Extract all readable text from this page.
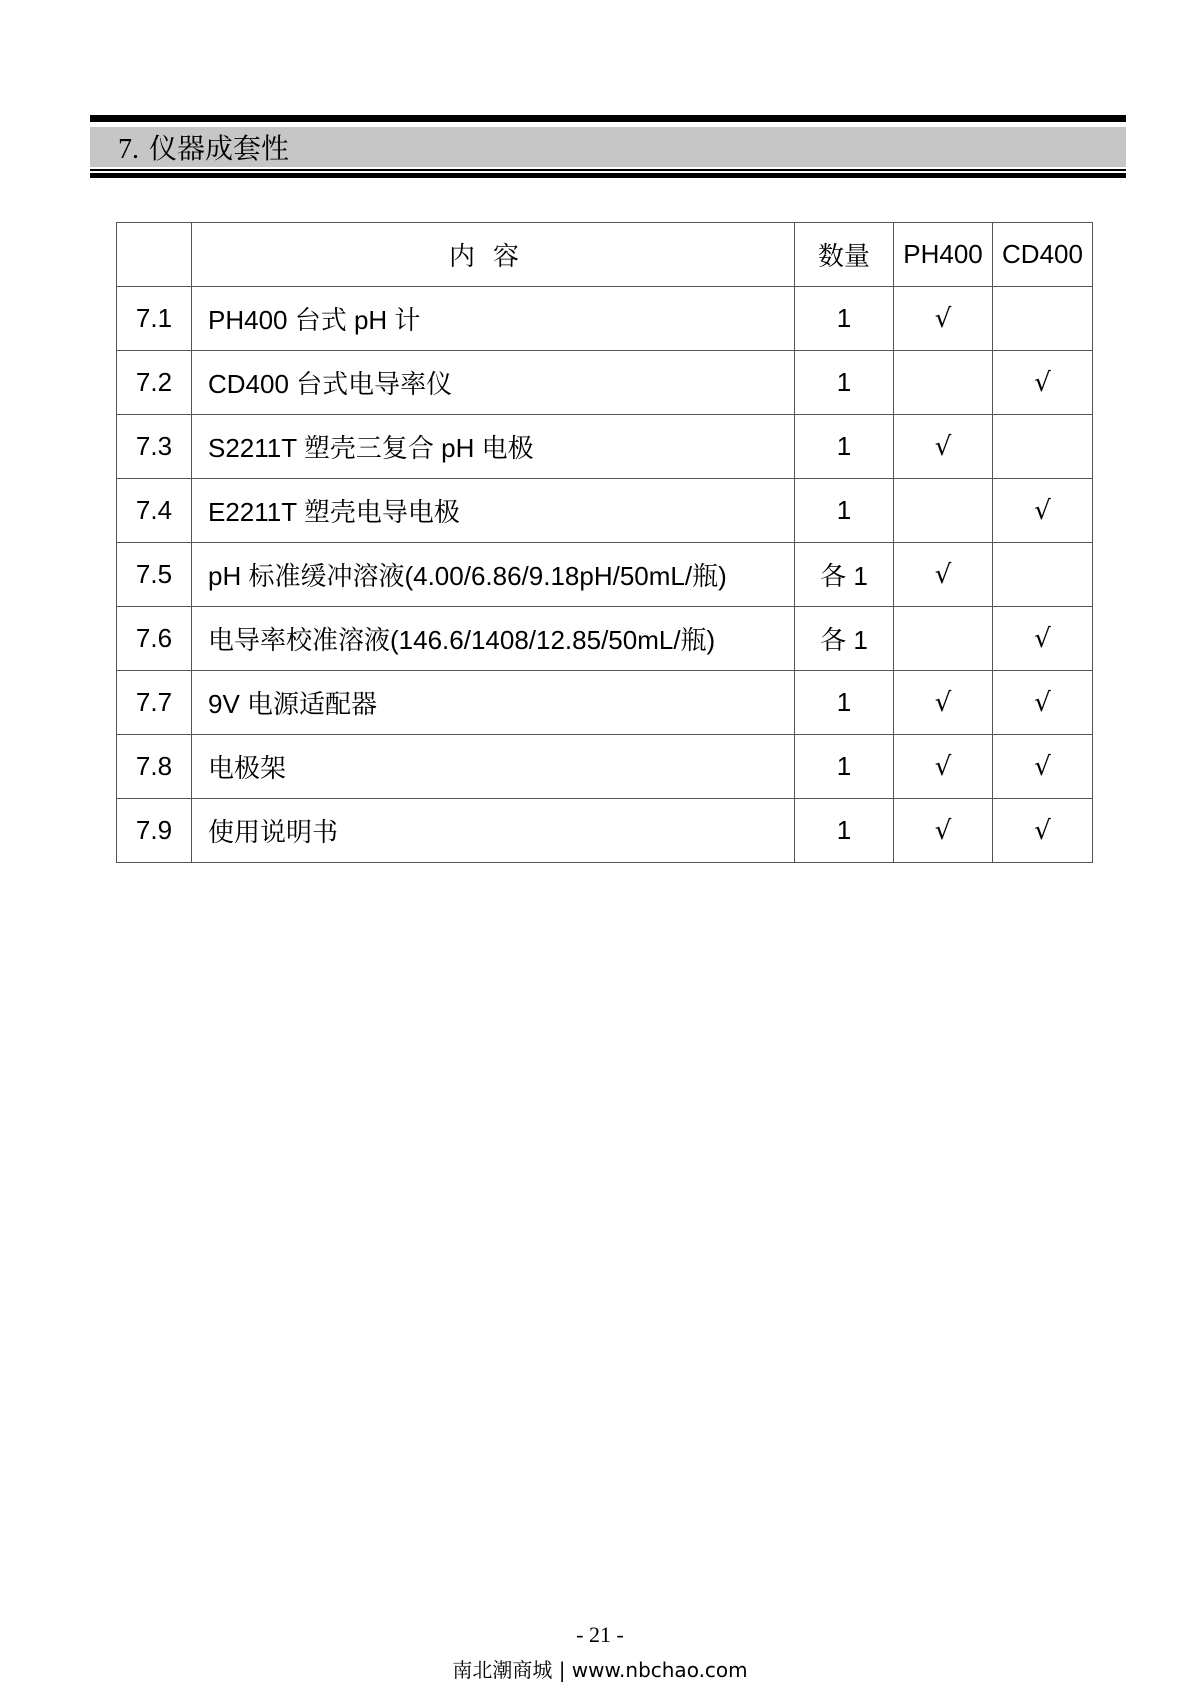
7. 仪器成套性
	内容	数量	PH400	CD400
7.1	PH400 台式 pH 计	1	√	
7.2	CD400 台式电导率仪	1		√
7.3	S2211T 塑壳三复合 pH 电极	1	√	
7.4	E2211T 塑壳电导电极	1		√
7.5	pH 标准缓冲溶液(4.00/6.86/9.18pH/50mL/瓶)	各 1	√	
7.6	电导率校准溶液(146.6/1408/12.85/50mL/瓶)	各 1		√
7.7	9V 电源适配器	1	√	√
7.8	电极架	1	√	√
7.9	使用说明书	1	√	√
- 21 -
南北潮商城 | www.nbchao.com
